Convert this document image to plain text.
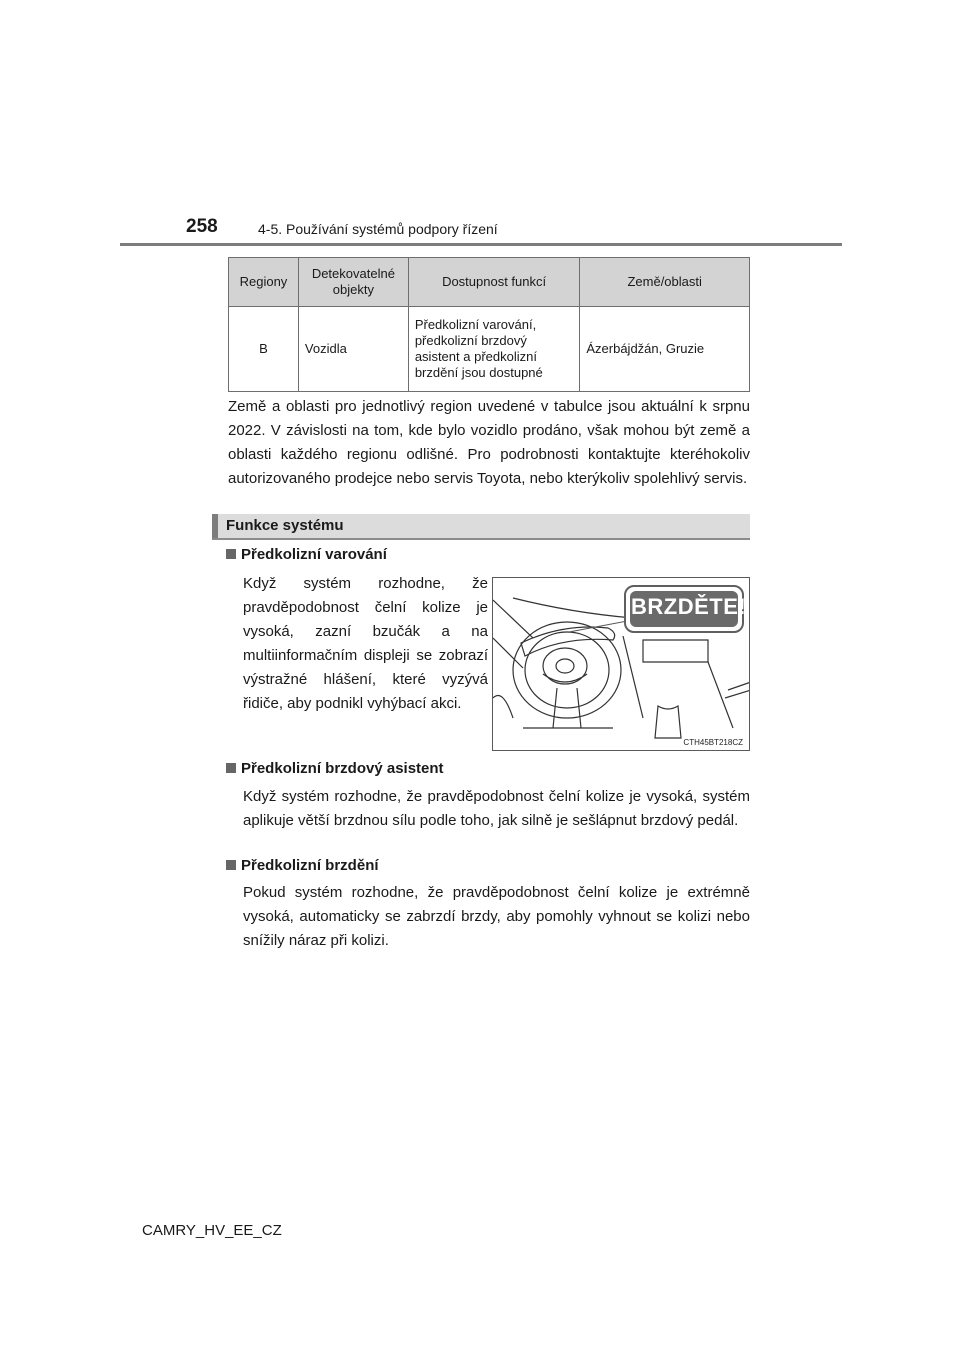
258	4-5. Používání systémů podpory řízení
Regiony	Detekovatelné objekty	Dostupnost funkcí	Země/oblasti
B	Vozidla	Předkolizní varování, předkolizní brzdový asistent a předkolizní brzdění jsou dostupné	Ázerbájdžán, Gruzie

Země a oblasti pro jednotlivý region uvedené v tabulce jsou aktuální k srpnu 2022. V závislosti na tom, kde bylo vozidlo prodáno, však mohou být země a oblasti každého regionu odlišné. Pro podrobnosti kontaktujte kteréhokoliv autorizovaného prodejce nebo servis Toyota, nebo kterýkoliv spolehlivý servis.

Funkce systému
Předkolizní varování

Když systém rozhodne, že pravděpodobnost čelní kolize je vysoká, zazní bzučák a na multiinformačním displeji se zobrazí výstražné hlášení, které vyzývá řidiče, aby podnikl vyhýbací akci.

CTH45BT218CZ
BRZDĚTE!
Předkolizní brzdový asistent

Když systém rozhodne, že pravděpodobnost čelní kolize je vysoká, systém aplikuje větší brzdnou sílu podle toho, jak silně je sešlápnut brzdový pedál.

Předkolizní brzdění

Pokud systém rozhodne, že pravděpodobnost čelní kolize je extrémně vysoká, automaticky se zabrzdí brzdy, aby pomohly vyhnout se kolizi nebo snížily náraz při kolizi.

CAMRY_HV_EE_CZ
